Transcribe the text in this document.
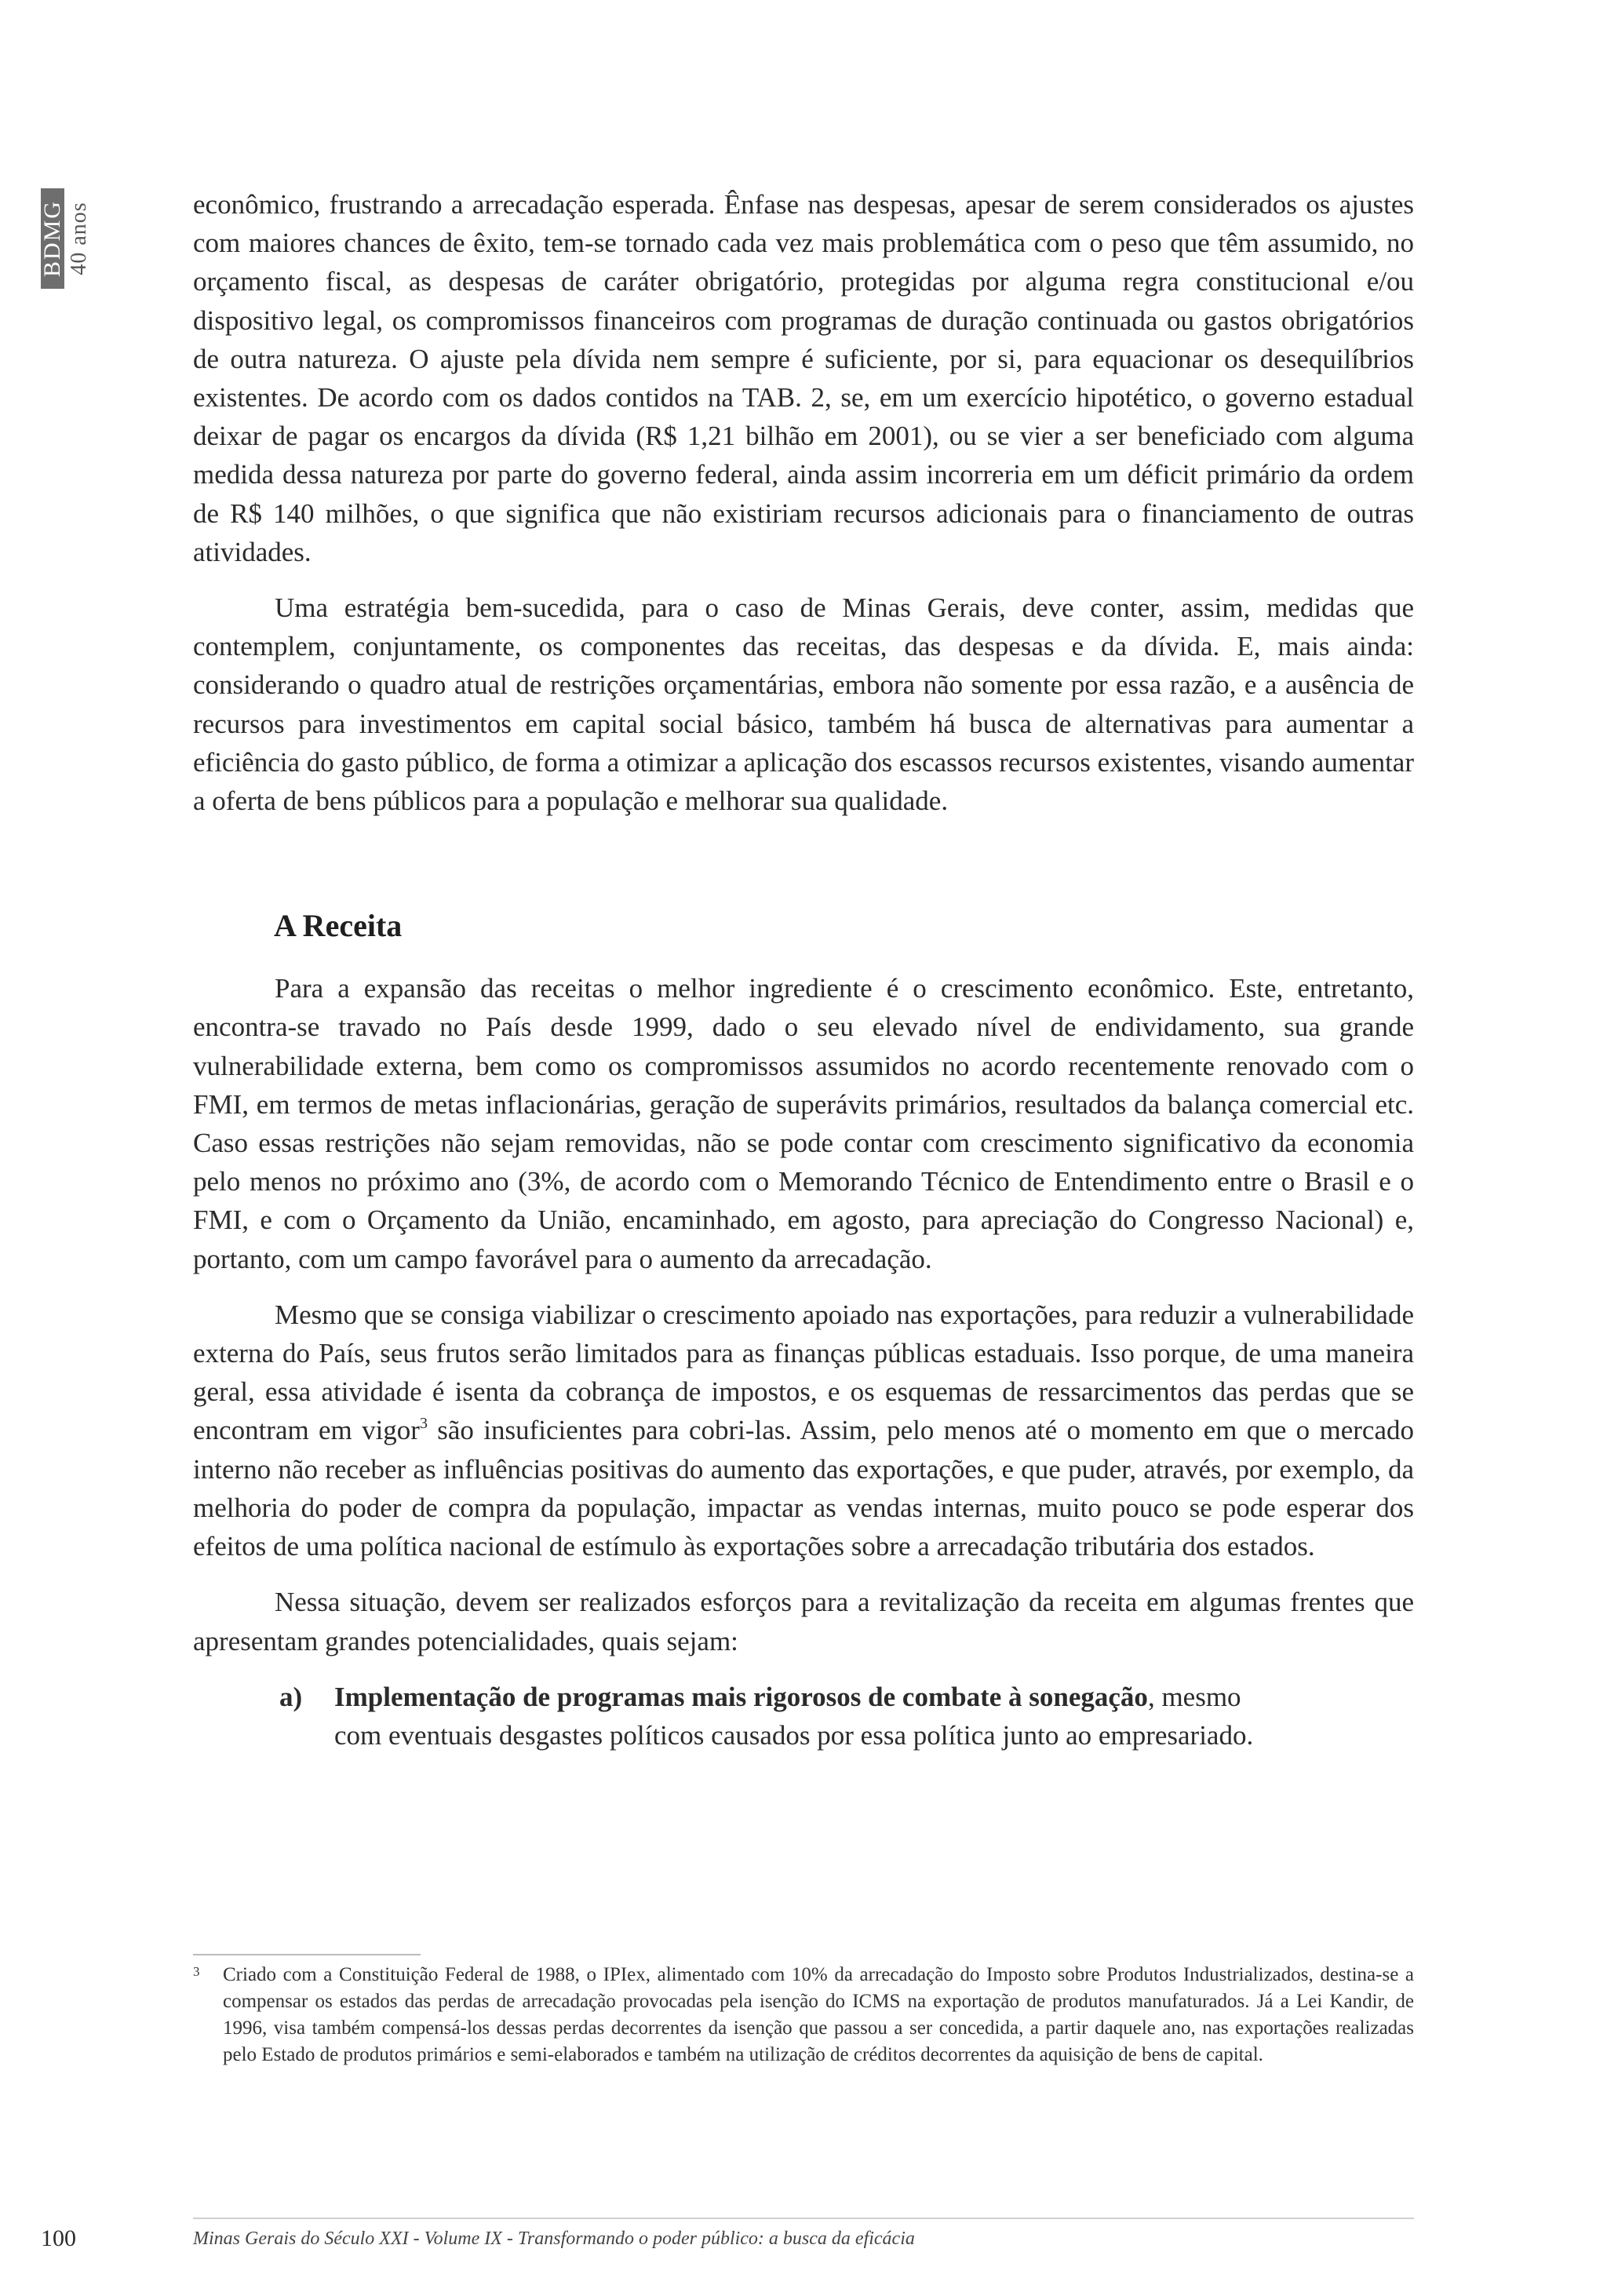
BDMG 40 anos	econômico, frustrando a arrecadação esperada. Ênfase nas despesas, apesar de serem considerados os ajustes com maiores chances de êxito, tem-se tornado cada vez mais problemática com o peso que têm assumido, no orçamento fiscal, as despesas de caráter obrigatório, protegidas por alguma regra constitucional e/ou dispositivo legal, os compromissos financeiros com programas de duração continuada ou gastos obrigatórios de outra natureza. O ajuste pela dívida nem sempre é suficiente, por si, para equacionar os desequilíbrios existentes. De acordo com os dados contidos na TAB. 2, se, em um exercício hipotético, o governo estadual deixar de pagar os encargos da dívida (R$ 1,21 bilhão em 2001), ou se vier a ser beneficiado com alguma medida dessa natureza por parte do governo federal, ainda assim incorreria em um déficit primário da ordem de R$ 140 milhões, o que significa que não existiriam recursos adicionais para o financiamento de outras atividades.

Uma estratégia bem-sucedida, para o caso de Minas Gerais, deve conter, assim, medidas que contemplem, conjuntamente, os componentes das receitas, das despesas e da dívida. E, mais ainda: considerando o quadro atual de restrições orçamentárias, embora não somente por essa razão, e a ausência de recursos para investimentos em capital social básico, também há busca de alternativas para aumentar a eficiência do gasto público, de forma a otimizar a aplicação dos escassos recursos existentes, visando aumentar a oferta de bens públicos para a população e melhorar sua qualidade.

A Receita

Para a expansão das receitas o melhor ingrediente é o crescimento econômico. Este, entretanto, encontra-se travado no País desde 1999, dado o seu elevado nível de endividamento, sua grande vulnerabilidade externa, bem como os compromissos assumidos no acordo recentemente renovado com o FMI, em termos de metas inflacionárias, geração de superávits primários, resultados da balança comercial etc. Caso essas restrições não sejam removidas, não se pode contar com crescimento significativo da economia pelo menos no próximo ano (3%, de acordo com o Memorando Técnico de Entendimento entre o Brasil e o FMI, e com o Orçamento da União, encaminhado, em agosto, para apreciação do Congresso Nacional) e, portanto, com um campo favorável para o aumento da arrecadação.

Mesmo que se consiga viabilizar o crescimento apoiado nas exportações, para reduzir a vulnerabilidade externa do País, seus frutos serão limitados para as finanças públicas estaduais. Isso porque, de uma maneira geral, essa atividade é isenta da cobrança de impostos, e os esquemas de ressarcimentos das perdas que se encontram em vigor$^3$ são insuficientes para cobri-las. Assim, pelo menos até o momento em que o mercado interno não receber as influências positivas do aumento das exportações, e que puder, através, por exemplo, da melhoria do poder de compra da população, impactar as vendas internas, muito pouco se pode esperar dos efeitos de uma política nacional de estímulo às exportações sobre a arrecadação tributária dos estados.

Nessa situação, devem ser realizados esforços para a revitalização da receita em algumas frentes que apresentam grandes potencialidades, quais sejam:

a) Implementação de programas mais rigorosos de combate à sonegação, mesmo
com eventuais desgastes políticos causados por essa política junto ao empresariado.
3 Criado com a Constituição Federal de 1988, o IPIex, alimentado com 10% da arrecadação do Imposto sobre Produtos Industrializados, destina-se a compensar os estados das perdas de arrecadação provocadas pela isenção do ICMS na exportação de produtos manufaturados. Já a Lei Kandir, de 1996, visa também compensá-los dessas perdas decorrentes da isenção que passou a ser concedida, a partir daquele ano, nas exportações realizadas pelo Estado de produtos primários e semi-elaborados e também na utilização de créditos decorrentes da aquisição de bens de capital.
100	Minas Gerais do Século XXI - Volume IX - Transformando o poder público: a busca da eficácia
